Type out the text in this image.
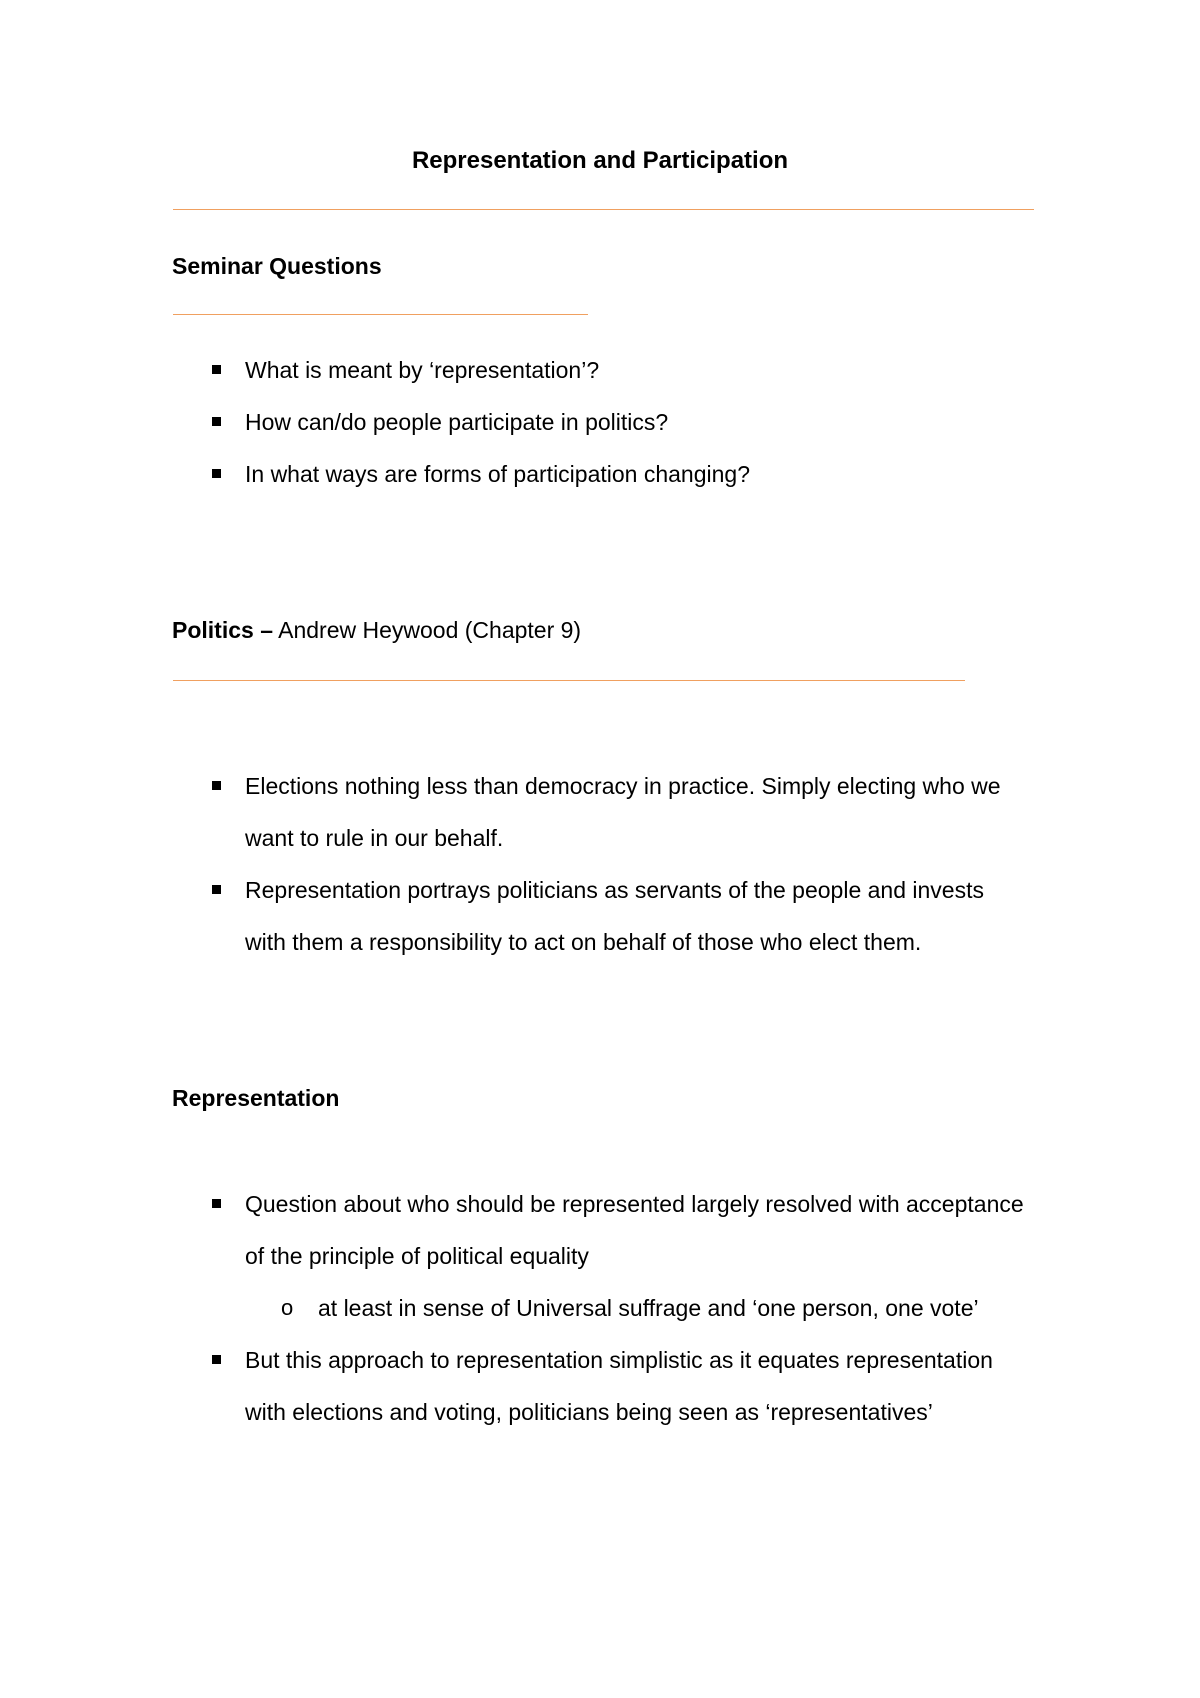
Representation and Participation
Seminar Questions
What is meant by ‘representation’?
How can/do people participate in politics?
In what ways are forms of participation changing?
Politics – Andrew Heywood (Chapter 9)
Elections nothing less than democracy in practice. Simply electing who we want to rule in our behalf.
Representation portrays politicians as servants of the people and invests with them a responsibility to act on behalf of those who elect them.
Representation
Question about who should be represented largely resolved with acceptance of the principle of political equality
o at least in sense of Universal suffrage and ‘one person, one vote’
But this approach to representation simplistic as it equates representation with elections and voting, politicians being seen as ‘representatives’
